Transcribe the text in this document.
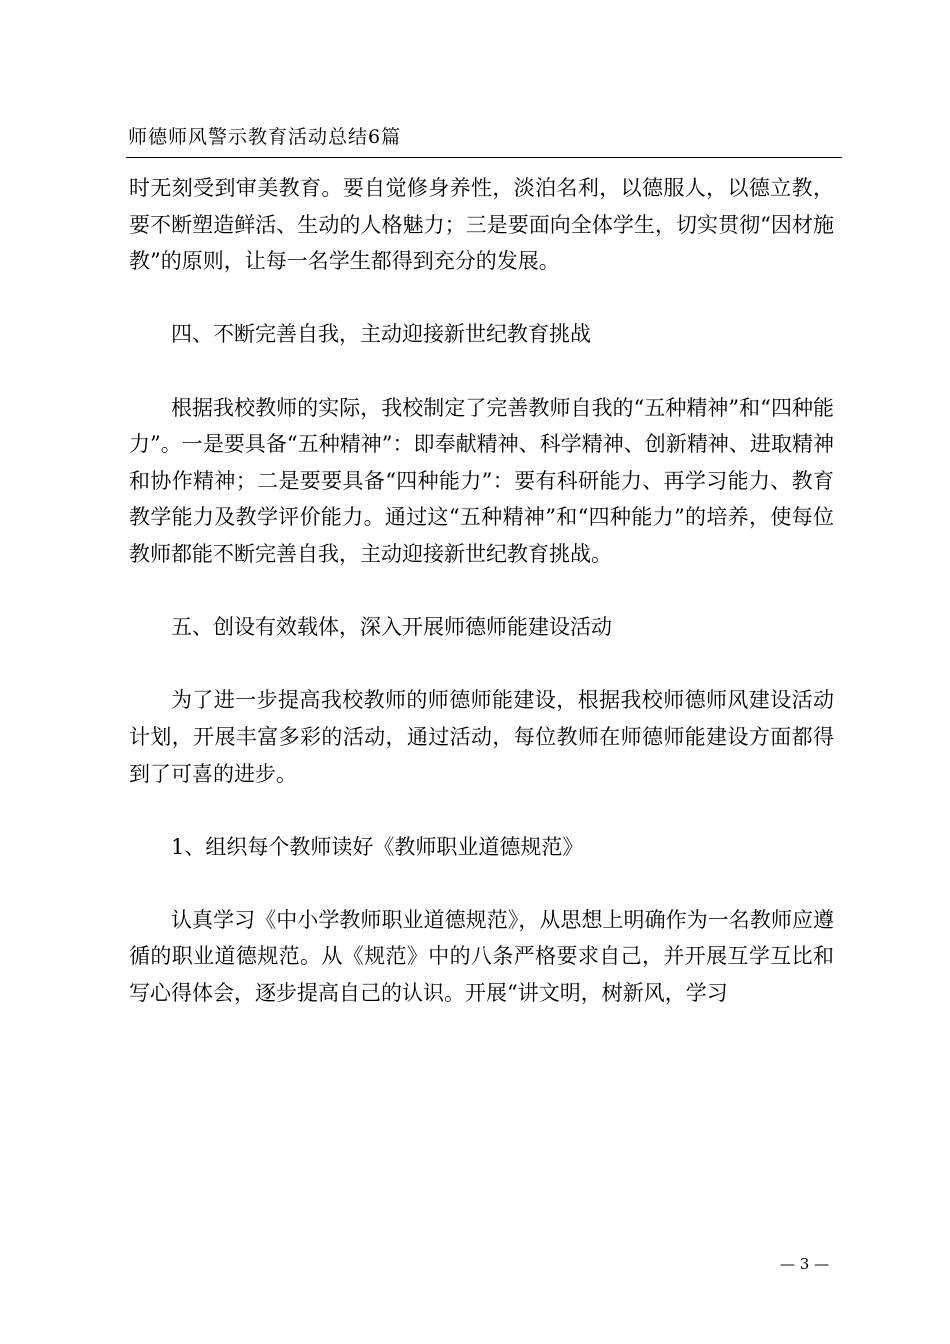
师德师风警示教育活动总结6篇

时无刻受到审美教育。要自觉修身养性，淡泊名利，以德服人，以德立教，要不断塑造鲜活、生动的人格魅力；三是要面向全体学生，切实贯彻“因材施教”的原则，让每一名学生都得到充分的发展。

四、不断完善自我，主动迎接新世纪教育挑战

根据我校教师的实际，我校制定了完善教师自我的“五种精神”和“四种能力”。一是要具备“五种精神”：即奉献精神、科学精神、创新精神、进取精神和协作精神；二是要要具备“四种能力”：要有科研能力、再学习能力、教育教学能力及教学评价能力。通过这“五种精神”和“四种能力”的培养，使每位教师都能不断完善自我，主动迎接新世纪教育挑战。

五、创设有效载体，深入开展师德师能建设活动

为了进一步提高我校教师的师德师能建设，根据我校师德师风建设活动计划，开展丰富多彩的活动，通过活动，每位教师在师德师能建设方面都得到了可喜的进步。

1、组织每个教师读好《教师职业道德规范》

认真学习《中小学教师职业道德规范》，从思想上明确作为一名教师应遵循的职业道德规范。从《规范》中的八条严格要求自己，并开展互学互比和写心得体会，逐步提高自己的认识。开展“讲文明，树新风，学习

— 3 —
